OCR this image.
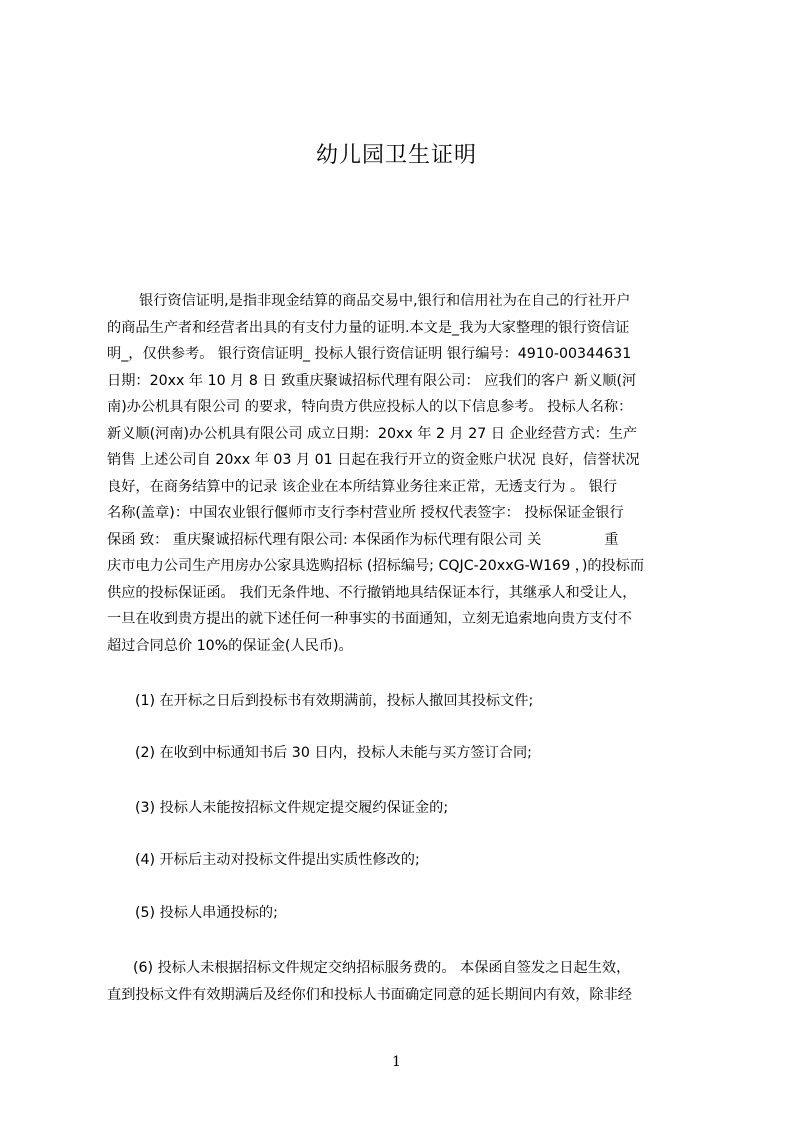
幼儿园卫生证明
银行资信证明,是指非现金结算的商品交易中,银行和信用社为在自己的行社开户
的商品生产者和经营者出具的有支付力量的证明.本文是_我为大家整理的银行资信证
明_，仅供参考。 银行资信证明_ 投标人银行资信证明 银行编号：4910-00344631
日期：20xx 年 10 月 8 日 致重庆聚诚招标代理有限公司： 应我们的客户 新义顺(河
南)办公机具有限公司 的要求，特向贵方供应投标人的以下信息参考。 投标人名称：
新义顺(河南)办公机具有限公司 成立日期：20xx 年 2 月 27 日 企业经营方式：生产
销售 上述公司自 20xx 年 03 月 01 日起在我行开立的资金账户状况 良好，信誉状况
良好，在商务结算中的记录 该企业在本所结算业务往来正常，无透支行为 。 银行
名称(盖章)：中国农业银行偃师市支行李村营业所 授权代表签字： 投标保证金银行
保函 致： 重庆聚诚招标代理有限公司: 本保函作为标代理有限公司 关              重
庆市电力公司生产用房办公家具选购招标 (招标编号; CQJC-20xxG-W169 ，)的投标而
供应的投标保证函。 我们无条件地、不行撤销地具结保证本行，其继承人和受让人，
一旦在收到贵方提出的就下述任何一种事实的书面通知，立刻无追索地向贵方支付不
超过合同总价 10%的保证金(人民币)。
(1) 在开标之日后到投标书有效期满前，投标人撤回其投标文件;
(2) 在收到中标通知书后 30 日内，投标人未能与买方签订合同;
(3) 投标人未能按招标文件规定提交履约保证金的;
(4) 开标后主动对投标文件提出实质性修改的;
(5) 投标人串通投标的;
(6) 投标人未根据招标文件规定交纳招标服务费的。 本保函自签发之日起生效，
直到投标文件有效期满后及经你们和投标人书面确定同意的延长期间内有效，除非经
1
